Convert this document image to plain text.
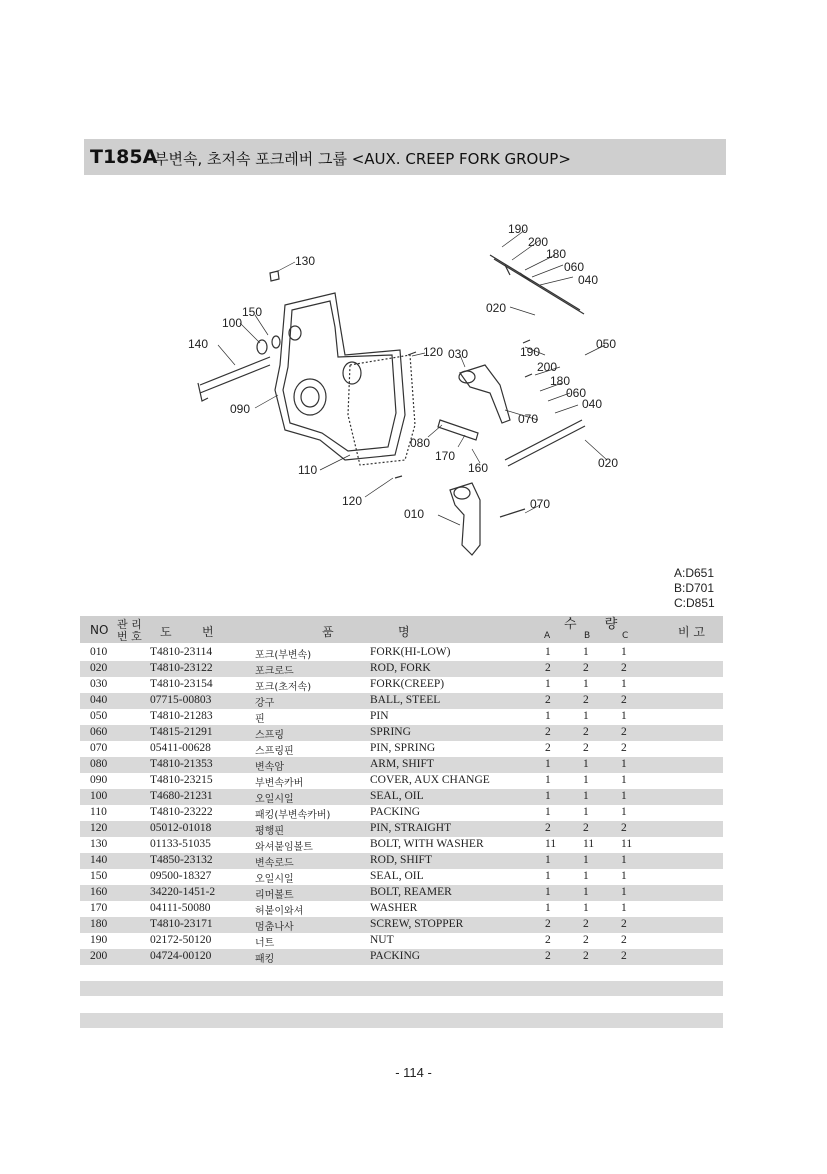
T185A
부변속, 초저속 포크레버 그룹 <AUX. CREEP FORK GROUP>
190
200
180
060
040
130
020
150
100
050
140
120 030	190
200
180
060
040
090
070
080
170
160	020
110
120	070
010
A:D651
B:D701
C:D851
NO 관 리
번 호 도	번	품	명	수 량
A	B	C	비 고
010	T4810-23114	포크(부변속)	FORK(HI-LOW)	1	1	1
020	T4810-23122	포크로드	ROD, FORK	2	2	2
030	T4810-23154	포크(초저속)	FORK(CREEP)	1	1	1
040	07715-00803	강구	BALL, STEEL	2	2	2
050	T4810-21283	핀	PIN	1	1	1
060	T4815-21291	스프링	SPRING	2	2	2
070	05411-00628	스프링핀	PIN, SPRING	2	2	2
080	T4810-21353	변속암	ARM, SHIFT	1	1	1
090	T4810-23215	부변속카버	COVER, AUX CHANGE	1	1	1
100	T4680-21231	오일시일	SEAL, OIL	1	1	1
110	T4810-23222	패킹(부변속카버)	PACKING	1	1	1
120	05012-01018	평행핀	PIN, STRAIGHT	2	2	2
130	01133-51035	와셔붙임볼트	BOLT, WITH WASHER	11 11 11
140	T4850-23132	변속로드	ROD, SHIFT	1	1	1
150	09500-18327	오일시일	SEAL, OIL	1	1	1
160	34220-1451-2	리머볼트	BOLT, REAMER	1	1	1
170	04111-50080	허붙이와셔	WASHER	1	1	1
180	T4810-23171	멈춤나사	SCREW, STOPPER	2	2	2
190	02172-50120	너트	NUT	2	2	2
200	04724-00120	패킹	PACKING	2	2	2
- 114 -
